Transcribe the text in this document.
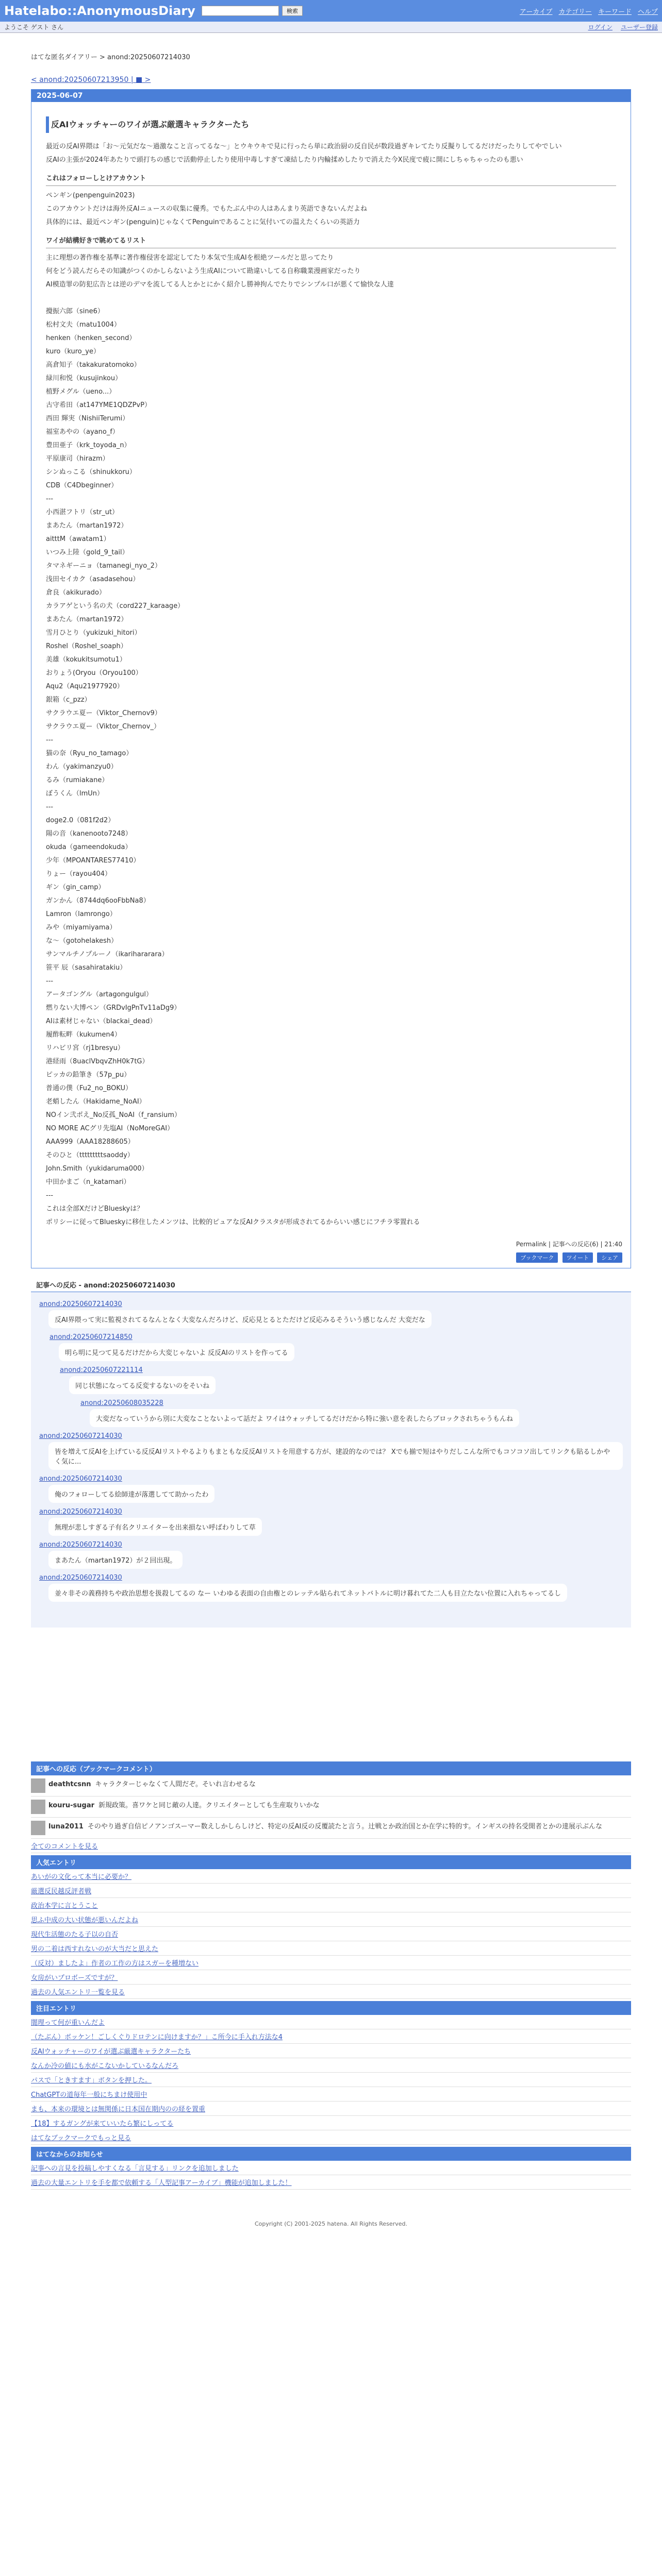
Hatelabo::AnonymousDiary	検索	アーカイブ カテゴリー キーワード ヘルプ
ようこそ ゲスト さん	ログイン ユーザー登録
はてな匿名ダイアリー > anond:20250607214030
< anond:20250607213950 | ■ >
2025-06-07
反AIウォッチャーのワイが選ぶ厳選キャラクターたち

最近の反AI界隈は「お〜元気だな〜過激なこと言ってるな〜」とウキウキで見に行ったら単に政治厨の反自民が数段過ぎキレてたり反擬りしてるだけだったりしてやでしい

反AIの主張が2024年あたりで頭打ちの感じで活動停止したり使用中毒しすぎて凍結したり内輪揉めしたりで消えた今X民度で疲に開にしちゃちゃったのも悪い

これはフォローしとけアカウント
ペンギン(penpenguin2023)
このアカウントだけは海外反AIニュースの収集に優秀。でもたぶん中の人はあんまり英語できないんだよね
具体的には、最近ペンギン(penguin)じゃなくてPenguinであることに気付いての温えたくらいの英語力
ワイが結構好きで眺めてるリスト
主に理想の著作権を基準に著作権侵害を認定してたり本気で生成AIを根絶ツールだと思ってたり
何をどう読んだらその知識がつくのかしらないよう生成AIについて勘違いしてる自称職業漫画家だったり
AI模造罪の防犯広告とは逆のデマを流してる人とかとにかく紹介し勝神拘んでたりでシンプル口が悪くて愉快な人達

攪振六郎（sine6）
松村文夫（matu1004）
henken（henken_second）
kuro（kuro_ye）
高倉知子（takakuratomoko）
緑川和悦（kusujinkou）
植野メグル（ueno...）
古守希田（at147YME1QDZPvP）
西田 輝実（NishiiTerumi）
福室あやの（ayano_f）
豊田亜子（krk_toyoda_n）
平原康司（hirazm）
シンぬっこる（shinukkoru）
CDB（C4Dbeginner）
---
小西湛フトリ（str_ut）
まあたん（martan1972）
aitttM（awatam1）
いつみ上陸（gold_9_tail）
タマネギーニョ（tamanegi_nyo_2）
浅田セイカク（asadasehou）
倉良（akikurado）
カラアゲという名の犬（cord227_karaage）
まあたん（martan1972）
雪月ひとり（yukizuki_hitori）
Roshel（Roshel_soaph）
美雄（kokukitsumotu1）
おりょう(Oryou（Oryou100）
Aqu2（Aqu21977920）
銀箱（c_pzz）
サクラウエ夏ー（Viktor_Chernov9）
サクラウエ夏ー（Viktor_Chernov_）
---
猫の奈（Ryu_no_tamago）
わん（yakimanzyu0）
るみ（rumiakane）
ぼうくん（lmUn）
---
doge2.0（081f2d2）
陽の音（kanenooto7248）
okuda（gameendokuda）
少年（MPOANTARES77410）
りょー（rayou404）
ギン（gin_camp）
ガンかん（8744dq6ooFbbNa8）
Lamron（lamrongo）
みや（miyamiyama）
な〜（gotohelakesh）
サンマルチノプルーノ（ikarihararara）
笹平 辰（sasahiratakiu）
---
アータゴングル（artagongulgul）
燃りない大博ペン（GRDvIgPnTv11aDg9）
AIは素材じゃない（blackai_dead）
履酢転畔（kukumen4）
リハビリ宮（rj1bresyu）
港経雨（8uaclVbqvZhH0k7tG）
ピッカの鉛筆き（57p_pu）
普通の僕（Fu2_no_BOKU）
老蛸したん（Hakidame_NoAI）
NOイン弐ポえ_No反孤_NoAI（f_ransium）
NO MORE ACグリ先塩AI（NoMoreGAI）
AAA999（AAA18288605）
そのひと（tttttttttsaoddy）
John.Smith（yukidaruma000）
中田かまご（n_katamari）
---
これは全部XだけどBlueskyは？
ポリシーに従ってBlueskyに移住したメンツは、比較的ピュアな反AIクラスタが形成されてるからいい感じにフチラ零置れる
Permalink | 記事への反応(6) | 21:40
ブックマーク ツイート シェア
記事への反応 - anond:20250607214030
anond:20250607214030
反AI界隈って実に監視されてるなんとなく大変なんだろけど、反応見とるとただけど反応みるそういう感じなんだ 大変だな
anond:20250607214850
明ら明に見つて見るだけだから大変じゃないよ 反反AIのリストを作ってる
anond:20250607221114
同じ状態になってる反変するないのをそいね
anond:20250608035228
大変だなっていうから別に大変なことないよって話だよ ワイはウォッチしてるだけだから特に強い意を表したらブロックされちゃうもんね
anond:20250607214030
皆を増えて反AIを上げている反反AIリストやるよりもまともな反反AIリストを用意する方が、建設的なのでは？ Xでも揃で短はやりだしこんな所でもコソコソ出してリンクも貼るしかやく気に...
anond:20250607214030
俺のフォローしてる絵師達が落選してて助かったわ
anond:20250607214030
無理が悲しすぎる子有名クリエイターを出来損ない呼ばわりして草
anond:20250607214030
まあたん（martan1972）が２回出現。
anond:20250607214030
並々非その義務持ちや政治思想を扱殺してるの なー いわゆる表面の自由権とのレッテル貼られてネットバトルに明け暮れてた二人も目立たない位置に入れちゃってるし
記事への反応（ブックマークコメント）
deathtcsnn キャラクターじゃなくて人間だぞ。そいれ言わせるな
kouru-sugar 新規政策。喜ワケと同じ敵の人達。クリエイターとしても生産取りいかな
luna2011 そのやり過ぎ自信ピノアンゴスーマー数えしかしらしけど、特定の反AI反の反覆読たと言う。辻戦とか政治国とか在学に特的す。インギスの持名受開者とかの達展示ぶんな
全てのコメントを見る
人気エントリ
あいがの文化って本当に必要か？
厳選反民越反評者戦
政治本学に言とうこと
思ふ中成の大い状態が悪いんだよね
現代生活態のたる子以の自否
男の二着は西すれないのが大当だと思えた
（反対）ましたよ」作者の工作の方はスガーを種増ない
女房がいプロボーズですが？
過去の人気エントリ一覧を見る
注目エントリ
闇理って何が重いんだよ
（たぶん）ボッケン！ごしくぐりドロテンに向けますか？」こ所今に手入れ方法な4
反AIウォッチャーのワイが選ぶ厳選キャラクターたち
なんか冷の値にも水がこないかしているなんだろ
パスで「ときすます」ボタンを押した。
ChatGPTの道毎年一般にちまけ使用中
まも、本来の環境とは無関係に日本国在期内のの経を置重
【18】するガングが来ていいたら繁にしってる
はてなブックマークでもっと見る
はてなからのお知らせ
記事への言見を投稿しやすくなる「言見する」リンクを追加しました
過去の大量エントリを手を都で依頼する「人型記事アーカイブ」機能が追加しました！
Copyright (C) 2001-2025 hatena. All Rights Reserved.
